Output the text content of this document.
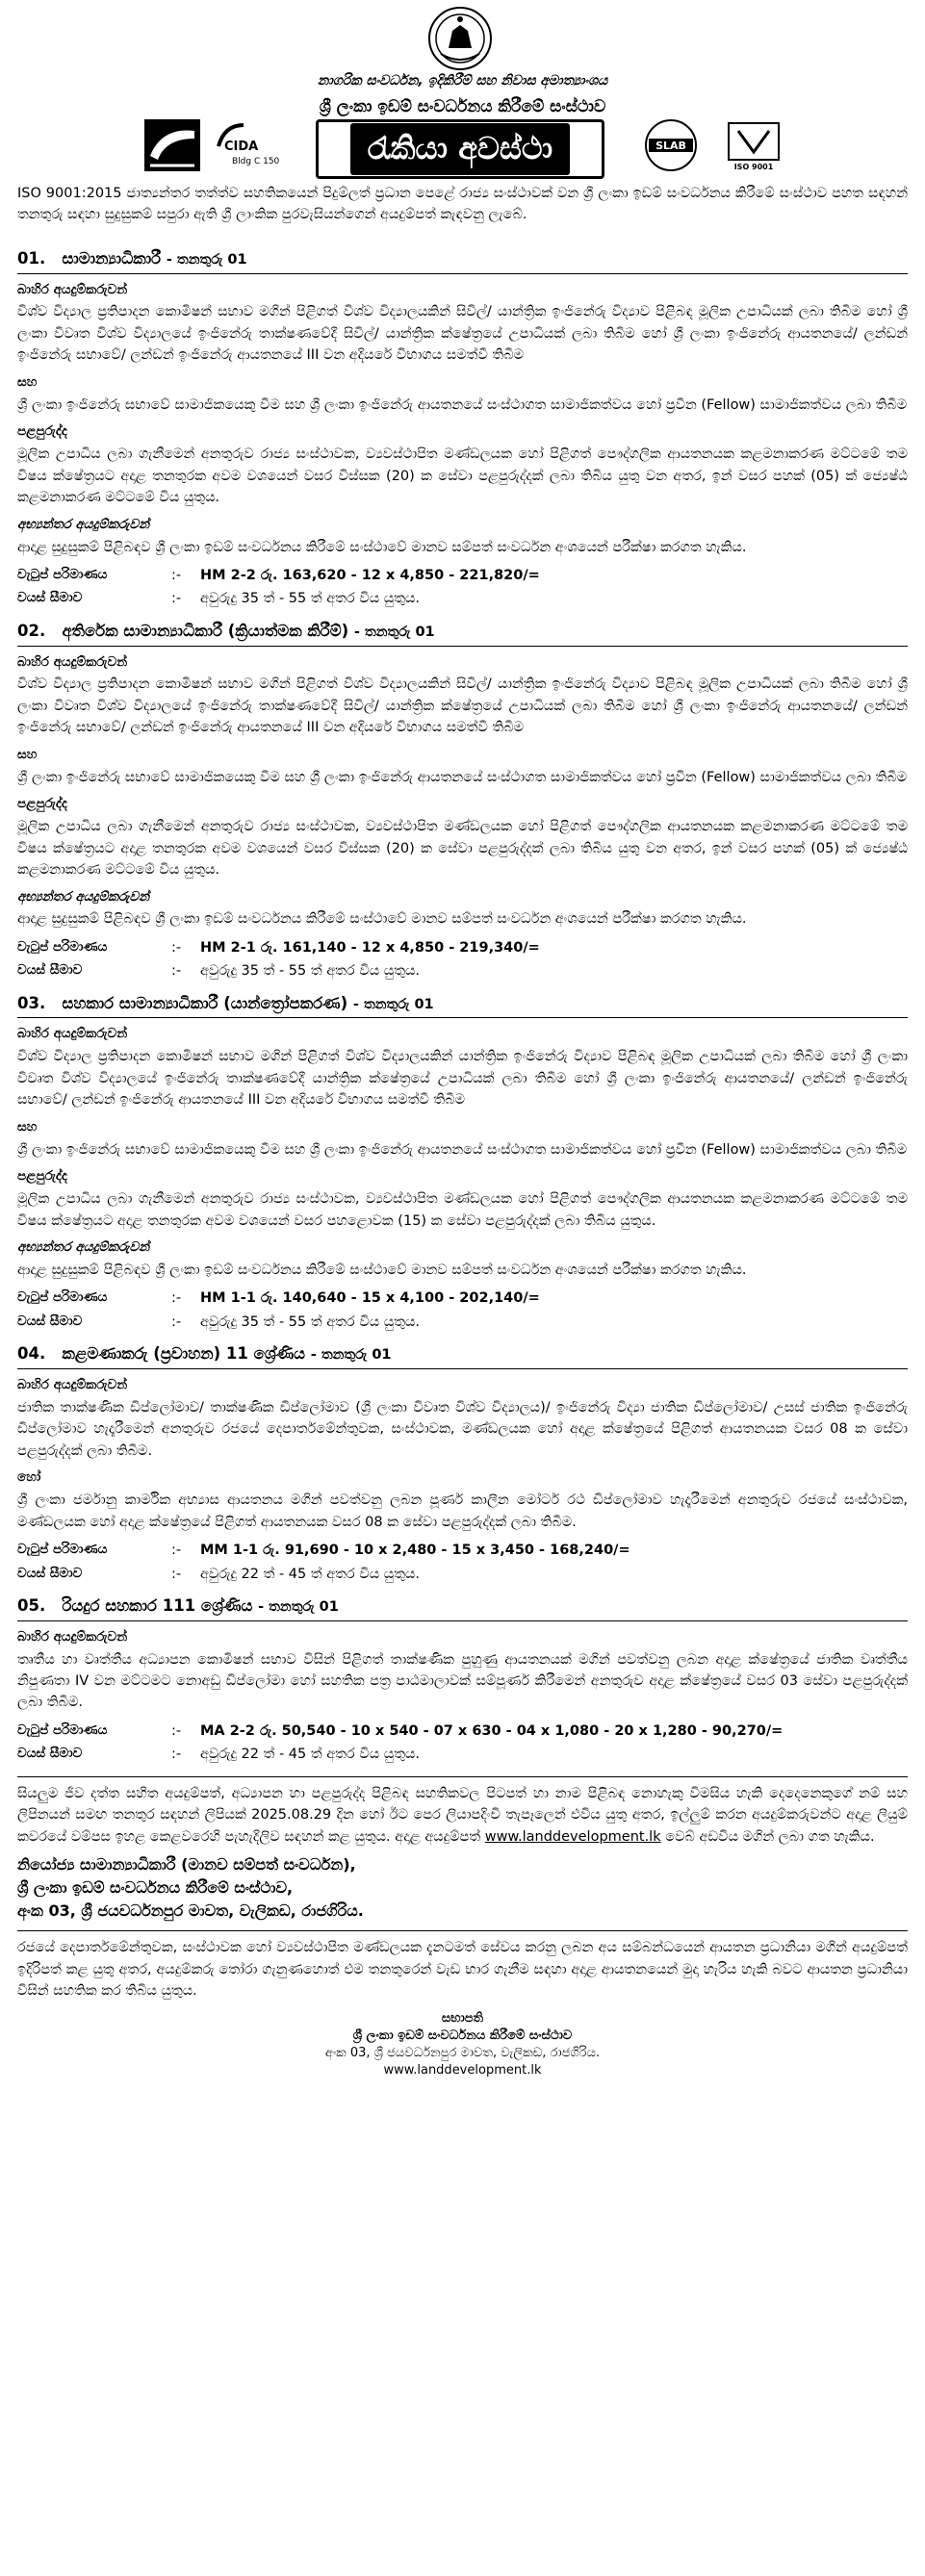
නාගරික සංවර්ධන, ඉදිකිරීම් සහ නිවාස අමාත්‍යාංශය
ශ්‍රී ලංකා ඉඩම් සංවර්ධනය කිරීමේ සංස්ථාව
CIDA
Bldg C 150	රැකියා අවස්ථා	SLAB
ISO 9001
ISO 9001:2015 ජාත්‍යන්තර තත්ත්ව සහතිකයෙන් පිදුම්ලත් ප්‍රධාන පෙළේ රාජ්‍ය සංස්ථාවක් වන ශ්‍රී ලංකා ඉඩම් සංවර්ධනය කිරීමේ සංස්ථාව පහත සඳහන් තනතුරු සඳහා සුදුසුකම් සපුරා ඇති ශ්‍රී ලාංකික පුරවැසියන්ගෙන් අයදුම්පත් කැඳවනු ලැබේ.
01. සාමාන්‍යාධිකාරී - තනතුරු 01
බාහිර අයදුම්කරුවන්

විශ්ව විද්‍යාල ප්‍රතිපාදන කොමිෂන් සභාව මගින් පිළිගත් විශ්ව විද්‍යාලයකින් සිවිල්/ යාන්ත්‍රික ඉංජිනේරු විද්‍යාව පිළිබඳ මූලික උපාධියක් ලබා තිබීම හෝ ශ්‍රී ලංකා විවෘත විශ්ව විද්‍යාලයේ ඉංජිනේරු තාක්ෂණවේදී සිවිල්/ යාන්ත්‍රික ක්ෂේත්‍රයේ උපාධියක් ලබා තිබීම හෝ ශ්‍රී ලංකා ඉංජිනේරු ආයතනයේ/ ලන්ඩන් ඉංජිනේරු සභාවේ/ ලන්ඩන් ඉංජිනේරු ආයතනයේ III වන අදියරේ විභාගය සමත්වී තිබීම

සහ

ශ්‍රී ලංකා ඉංජිනේරු සභාවේ සාමාජිකයෙකු වීම සහ ශ්‍රී ලංකා ඉංජිනේරු ආයතනයේ සංස්ථාගත සාමාජිකත්වය හෝ ප්‍රවීන (Fellow) සාමාජිකත්වය ලබා තිබීම

පළපුරුද්ද

මූලික උපාධිය ලබා ගැනීමෙන් අනතුරුව රාජ්‍ය සංස්ථාවක, ව්‍යවස්ථාපිත මණ්ඩලයක හෝ පිළිගත් පෞද්ගලික ආයතනයක කළමනාකරණ මට්ටමේ තම විෂය ක්ෂේත්‍රයට අදාළ තනතුරක අවම වශයෙන් වසර විස්සක (20) ක සේවා පළපුරුද්දක් ලබා තිබිය යුතු වන අතර, ඉන් වසර පහක් (05) ක් ජ්‍යෙෂ්ඨ කළමනාකරණ මට්ටමේ විය යුතුය.

අභ්‍යන්තර අයදුම්කරුවන්

ආදාළ සුදුසුකම් පිළිබඳව ශ්‍රී ලංකා ඉඩම් සංවර්ධනය කිරීමේ සංස්ථාවේ මානව සම්පත් සංවර්ධන අංශයෙන් පරීක්ෂා කරගත හැකිය.

වැටුප් පරිමාණය	:-	HM 2-2 රු. 163,620 - 12 x 4,850 - 221,820/=
වයස් සීමාව	:-	අවුරුදු 35 ත් - 55 ත් අතර විය යුතුය.
02. අතිරේක සාමාන්‍යාධිකාරී (ක්‍රියාත්මක කිරීම්) - තනතුරු 01
බාහිර අයදුම්කරුවන්

විශ්ව විද්‍යාල ප්‍රතිපාදන කොමිෂන් සභාව මගින් පිළිගත් විශ්ව විද්‍යාලයකින් සිවිල්/ යාන්ත්‍රික ඉංජිනේරු විද්‍යාව පිළිබඳ මූලික උපාධියක් ලබා තිබීම හෝ ශ්‍රී ලංකා විවෘත විශ්ව විද්‍යාලයේ ඉංජිනේරු තාක්ෂණවේදී සිවිල්/ යාන්ත්‍රික ක්ෂේත්‍රයේ උපාධියක් ලබා තිබීම හෝ ශ්‍රී ලංකා ඉංජිනේරු ආයතනයේ/ ලන්ඩන් ඉංජිනේරු සභාවේ/ ලන්ඩන් ඉංජිනේරු ආයතනයේ III වන අදියරේ විභාගය සමත්වී තිබීම

සහ

ශ්‍රී ලංකා ඉංජිනේරු සභාවේ සාමාජිකයෙකු වීම සහ ශ්‍රී ලංකා ඉංජිනේරු ආයතනයේ සංස්ථාගත සාමාජිකත්වය හෝ ප්‍රවීන (Fellow) සාමාජිකත්වය ලබා තිබීම

පළපුරුද්ද

මූලික උපාධිය ලබා ගැනීමෙන් අනතුරුව රාජ්‍ය සංස්ථාවක, ව්‍යවස්ථාපිත මණ්ඩලයක හෝ පිළිගත් පෞද්ගලික ආයතනයක කළමනාකරණ මට්ටමේ තම විෂය ක්ෂේත්‍රයට අදාළ තනතුරක අවම වශයෙන් වසර විස්සක (20) ක සේවා පළපුරුද්දක් ලබා තිබිය යුතු වන අතර, ඉන් වසර පහක් (05) ක් ජ්‍යෙෂ්ඨ කළමනාකරණ මට්ටමේ විය යුතුය.

අභ්‍යන්තර අයදුම්කරුවන්

ආදාළ සුදුසුකම් පිළිබඳව ශ්‍රී ලංකා ඉඩම් සංවර්ධනය කිරීමේ සංස්ථාවේ මානව සම්පත් සංවර්ධන අංශයෙන් පරීක්ෂා කරගත හැකිය.

වැටුප් පරිමාණය	:-	HM 2-1 රු. 161,140 - 12 x 4,850 - 219,340/=
වයස් සීමාව	:-	අවුරුදු 35 ත් - 55 ත් අතර විය යුතුය.
03. සහකාර සාමාන්‍යාධිකාරී (යාන්ත්‍රෝපකරණ) - තනතුරු 01
බාහිර අයදුම්කරුවන්

විශ්ව විද්‍යාල ප්‍රතිපාදන කොමිෂන් සභාව මගින් පිළිගත් විශ්ව විද්‍යාලයකින් යාන්ත්‍රික ඉංජිනේරු විද්‍යාව පිළිබඳ මූලික උපාධියක් ලබා තිබීම හෝ ශ්‍රී ලංකා විවෘත විශ්ව විද්‍යාලයේ ඉංජිනේරු තාක්ෂණවේදී යාන්ත්‍රික ක්ෂේත්‍රයේ උපාධියක් ලබා තිබීම හෝ ශ්‍රී ලංකා ඉංජිනේරු ආයතනයේ/ ලන්ඩන් ඉංජිනේරු සභාවේ/ ලන්ඩන් ඉංජිනේරු ආයතනයේ III වන අදියරේ විභාගය සමත්වී තිබීම

සහ

ශ්‍රී ලංකා ඉංජිනේරු සභාවේ සාමාජිකයෙකු වීම සහ ශ්‍රී ලංකා ඉංජිනේරු ආයතනයේ සංස්ථාගත සාමාජිකත්වය හෝ ප්‍රවීන (Fellow) සාමාජිකත්වය ලබා තිබීම

පළපුරුද්ද

මූලික උපාධිය ලබා ගැනීමෙන් අනතුරුව රාජ්‍ය සංස්ථාවක, ව්‍යවස්ථාපිත මණ්ඩලයක හෝ පිළිගත් පෞද්ගලික ආයතනයක කළමනාකරණ මට්ටමේ තම විෂය ක්ෂේත්‍රයට අදාළ තනතුරක අවම වශයෙන් වසර පහළොවක (15) ක සේවා පළපුරුද්දක් ලබා තිබිය යුතුය.

අභ්‍යන්තර අයදුම්කරුවන්

ආදාළ සුදුසුකම් පිළිබඳව ශ්‍රී ලංකා ඉඩම් සංවර්ධනය කිරීමේ සංස්ථාවේ මානව සම්පත් සංවර්ධන අංශයෙන් පරීක්ෂා කරගත හැකිය.

වැටුප් පරිමාණය	:-	HM 1-1 රු. 140,640 - 15 x 4,100 - 202,140/=
වයස් සීමාව	:-	අවුරුදු 35 ත් - 55 ත් අතර විය යුතුය.
04. කළමණාකරු (ප්‍රවාහන) 11 ශ්‍රේණිය - තනතුරු 01
බාහිර අයදුම්කරුවන්

ජාතික තාක්ෂණික ඩිප්ලෝමාව/ තාක්ෂණික ඩිප්ලෝමාව (ශ්‍රී ලංකා විවෘත විශ්ව විද්‍යාලය)/ ඉංජිනේරු විද්‍යා ජාතික ඩිප්ලෝමාව/ උසස් ජාතික ඉංජිනේරු ඩිප්ලෝමාව හැදෑරීමෙන් අනතුරුව රජයේ දෙපාර්තමේන්තුවක, සංස්ථාවක, මණ්ඩලයක හෝ අදාළ ක්ෂේත්‍රයේ පිළිගත් ආයතනයක වසර 08 ක සේවා පළපුරුද්දක් ලබා තිබීම.

හෝ

ශ්‍රී ලංකා ජර්මානු කාර්මික අභ්‍යාස ආයතනය මගින් පවත්වනු ලබන පූර්ණ කාලීන මෝටර් රථ ඩිප්ලෝමාව හැදෑරීමෙන් අනතුරුව රජයේ සංස්ථාවක, මණ්ඩලයක හෝ අදාළ ක්ෂේත්‍රයේ පිළිගත් ආයතනයක වසර 08 ක සේවා පළපුරුද්දක් ලබා තිබීම.

වැටුප් පරිමාණය	:-	MM 1-1 රු. 91,690 - 10 x 2,480 - 15 x 3,450 - 168,240/=
වයස් සීමාව	:-	අවුරුදු 22 ත් - 45 ත් අතර විය යුතුය.
05. රියදුර සහකාර 111 ශ්‍රේණිය - තනතුරු 01
බාහිර අයදුම්කරුවන්

තෘතීය හා වෘත්තීය අධ්‍යාපන කොමිෂන් සභාව විසින් පිළිගත් තාක්ෂණික පුහුණු ආයතනයක් මගින් පවත්වනු ලබන අදාළ ක්ෂේත්‍රයේ ජාතික වෘත්තීය නිපුණතා IV වන මට්ටමට නොඅඩු ඩිප්ලෝමා හෝ සහතික පත්‍ර පාඨමාලාවක් සම්පූර්ණ කිරීමෙන් අනතුරුව අදාළ ක්ෂේත්‍රයේ වසර 03 සේවා පළපුරුද්දක් ලබා තිබීම.

වැටුප් පරිමාණය	:-	MA 2-2 රු. 50,540 - 10 x 540 - 07 x 630 - 04 x 1,080 - 20 x 1,280 - 90,270/=
වයස් සීමාව	:-	අවුරුදු 22 ත් - 45 ත් අතර විය යුතුය.

සියලුම ජීව දත්ත සහිත අයදුම්පත්, අධ්‍යාපන හා පළපුරුද්ද පිළිබඳ සහතිකවල පිටපත් හා නාම පිළිබඳ නොහැකු විමසිය හැකි දෙදෙනෙකුගේ නම් සහ ලිපිනයන් සමඟ තනතුර සඳහන් ලිපියක් 2025.08.29 දින හෝ ඊට පෙර ලියාපදිංචි තැපෑලෙන් එවිය යුතු අතර, ඉල්ලුම් කරන අයදුම්කරුවන්ට අදාළ ලියුම් කවරයේ වම්පස ඉහළ කෙළවරෙහි පැහැදිලිව සඳහන් කළ යුතුය. අදාළ අයදුම්පත් www.landdevelopment.lk වෙබ් අඩවිය මගින් ලබා ගත හැකිය.

නියෝජ්‍ය සාමාන්‍යාධිකාරී (මානව සම්පත් සංවර්ධන),
ශ්‍රී ලංකා ඉඩම් සංවර්ධනය කිරීමේ සංස්ථාව,
අංක 03, ශ්‍රී ජයවර්ධනපුර මාවත, වැලිකඩ, රාජගිරිය.

රජයේ දෙපාර්තමේන්තුවක, සංස්ථාවක හෝ ව්‍යවස්ථාපිත මණ්ඩලයක දැනටමත් සේවය කරනු ලබන අය සම්බන්ධයෙන් ආයතන ප්‍රධානියා මගින් අයදුම්පත් ඉදිරිපත් කළ යුතු අතර, අයදුම්කරු තෝරා ගැනුණහොත් එම තනතුරෙන් වැඩ භාර ගැනීම සඳහා අදාළ ආයතනයෙන් මුදා හැරිය හැකි බවට ආයතන ප්‍රධානියා විසින් සහතික කර තිබිය යුතුය.

සභාපති
ශ්‍රී ලංකා ඉඩම් සංවර්ධනය කිරීමේ සංස්ථාව
අංක 03, ශ්‍රී ජයවර්ධනපුර මාවත, වැලිකඩ, රාජගිරිය.
www.landdevelopment.lk
